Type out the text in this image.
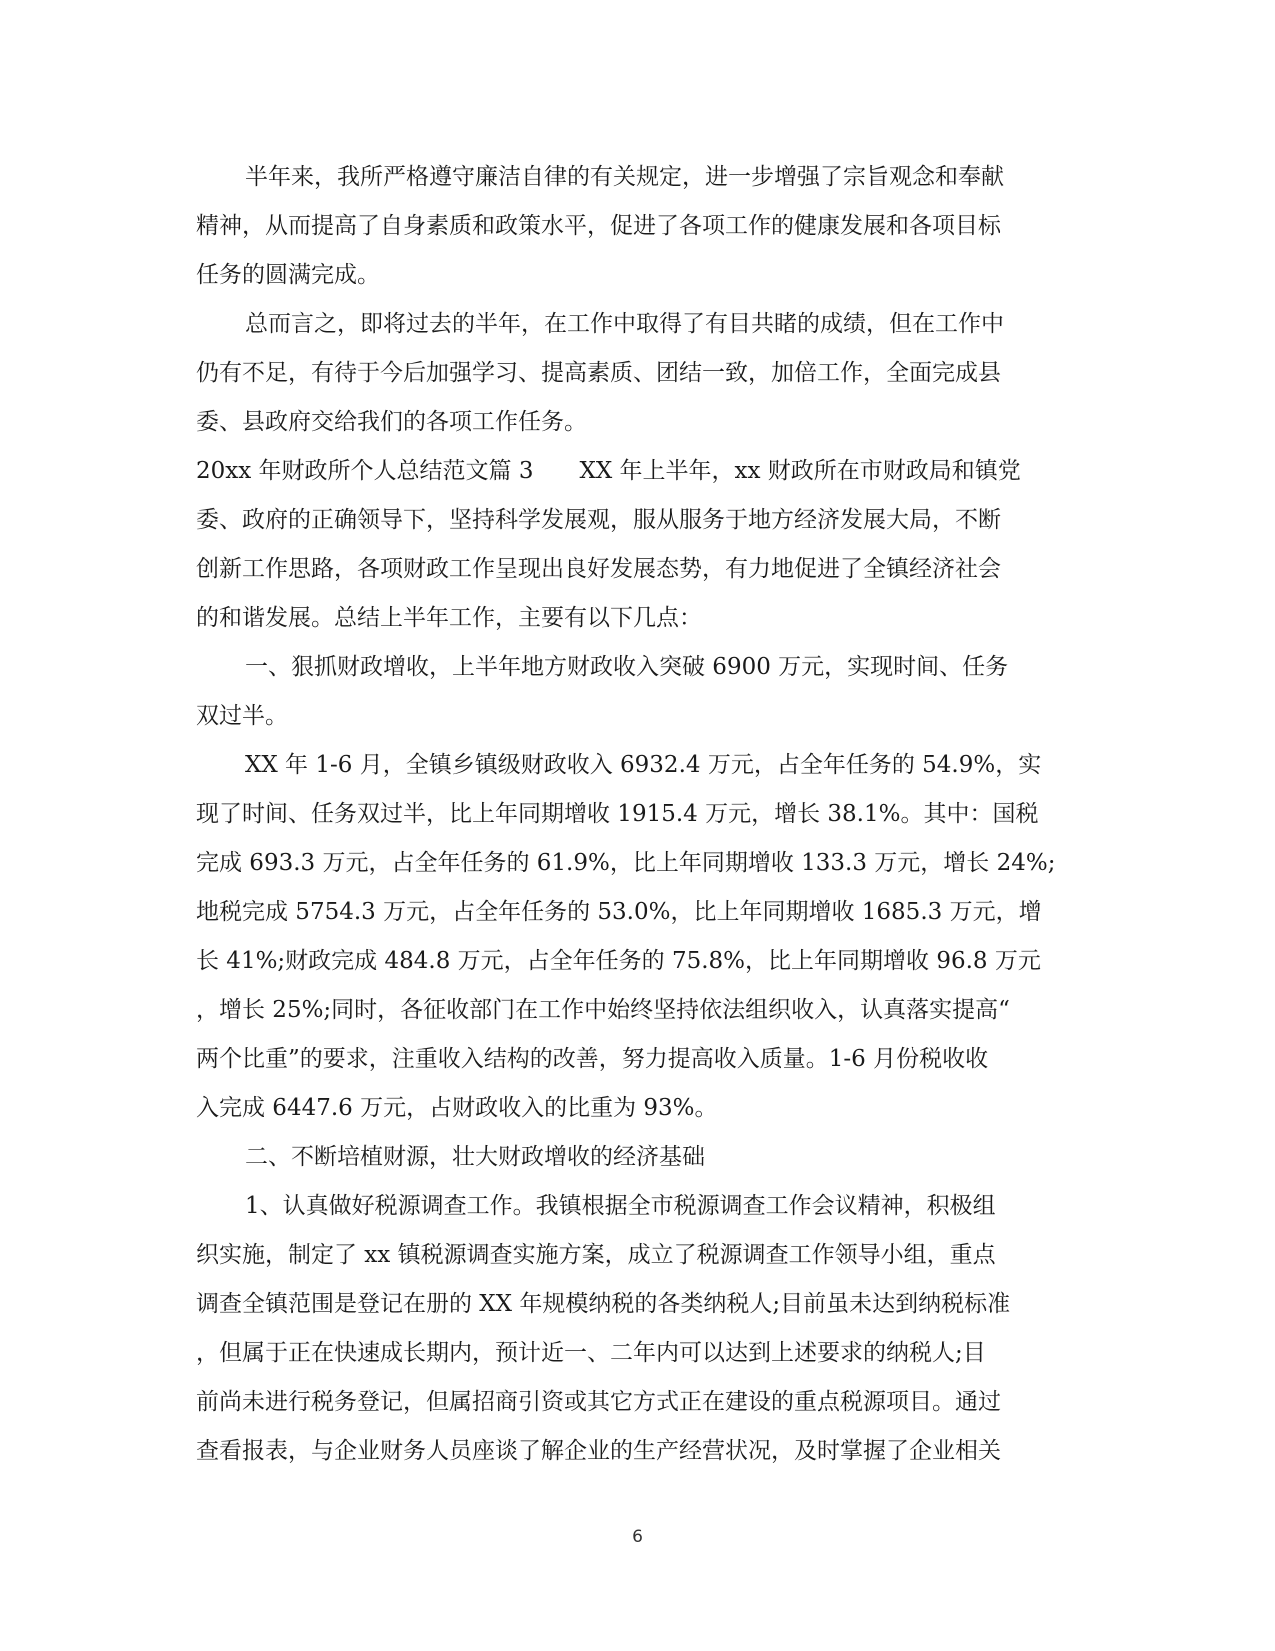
半年来，我所严格遵守廉洁自律的有关规定，进一步增强了宗旨观念和奉献
精神，从而提高了自身素质和政策水平，促进了各项工作的健康发展和各项目标
任务的圆满完成。
总而言之，即将过去的半年，在工作中取得了有目共睹的成绩，但在工作中
仍有不足，有待于今后加强学习、提高素质、团结一致，加倍工作，全面完成县
委、县政府交给我们的各项工作任务。
20xx 年财政所个人总结范文篇 3　　XX 年上半年，xx 财政所在市财政局和镇党
委、政府的正确领导下，坚持科学发展观，服从服务于地方经济发展大局，不断
创新工作思路，各项财政工作呈现出良好发展态势，有力地促进了全镇经济社会
的和谐发展。总结上半年工作，主要有以下几点：
一、狠抓财政增收，上半年地方财政收入突破 6900 万元，实现时间、任务
双过半。
XX 年 1-6 月，全镇乡镇级财政收入 6932.4 万元，占全年任务的 54.9%，实
现了时间、任务双过半，比上年同期增收 1915.4 万元，增长 38.1%。其中：国税
完成 693.3 万元，占全年任务的 61.9%，比上年同期增收 133.3 万元，增长 24%;
地税完成 5754.3 万元，占全年任务的 53.0%，比上年同期增收 1685.3 万元，增
长 41%;财政完成 484.8 万元，占全年任务的 75.8%，比上年同期增收 96.8 万元
，增长 25%;同时，各征收部门在工作中始终坚持依法组织收入，认真落实提高“
两个比重”的要求，注重收入结构的改善，努力提高收入质量。1-6 月份税收收
入完成 6447.6 万元，占财政收入的比重为 93%。
二、不断培植财源，壮大财政增收的经济基础
1、认真做好税源调查工作。我镇根据全市税源调查工作会议精神，积极组
织实施，制定了 xx 镇税源调查实施方案，成立了税源调查工作领导小组，重点
调查全镇范围是登记在册的 XX 年规模纳税的各类纳税人;目前虽未达到纳税标准
，但属于正在快速成长期内，预计近一、二年内可以达到上述要求的纳税人;目
前尚未进行税务登记，但属招商引资或其它方式正在建设的重点税源项目。通过
查看报表，与企业财务人员座谈了解企业的生产经营状况，及时掌握了企业相关
6
